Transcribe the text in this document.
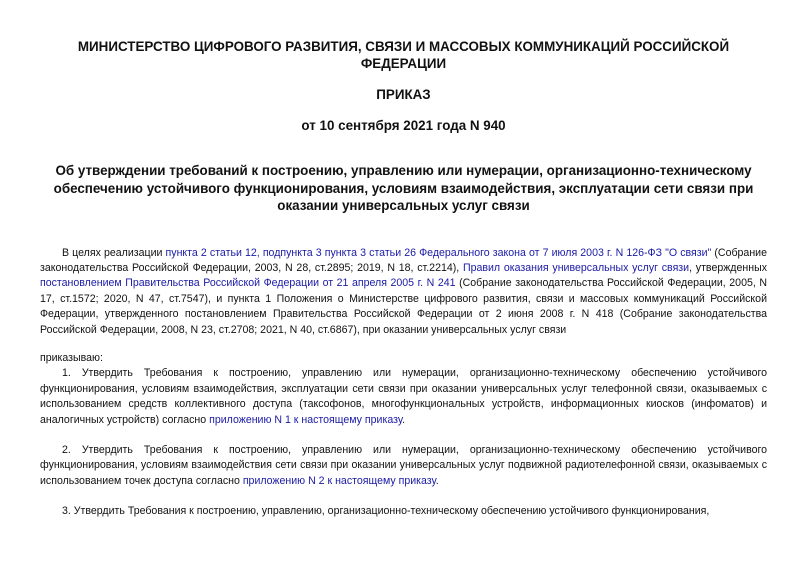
МИНИСТЕРСТВО ЦИФРОВОГО РАЗВИТИЯ, СВЯЗИ И МАССОВЫХ КОММУНИКАЦИЙ РОССИЙСКОЙ ФЕДЕРАЦИИ

ПРИКАЗ

от 10 сентября 2021 года N 940

Об утверждении требований к построению, управлению или нумерации, организационно-техническому обеспечению устойчивого функционирования, условиям взаимодействия, эксплуатации сети связи при оказании универсальных услуг связи

В целях реализации пункта 2 статьи 12, подпункта 3 пункта 3 статьи 26 Федерального закона от 7 июля 2003 г. N 126-ФЗ "О связи" (Собрание законодательства Российской Федерации, 2003, N 28, ст.2895; 2019, N 18, ст.2214), Правил оказания универсальных услуг связи, утвержденных постановлением Правительства Российской Федерации от 21 апреля 2005 г. N 241 (Собрание законодательства Российской Федерации, 2005, N 17, ст.1572; 2020, N 47, ст.7547), и пункта 1 Положения о Министерстве цифрового развития, связи и массовых коммуникаций Российской Федерации, утвержденного постановлением Правительства Российской Федерации от 2 июня 2008 г. N 418 (Собрание законодательства Российской Федерации, 2008, N 23, ст.2708; 2021, N 40, ст.6867), при оказании универсальных услуг связи

приказываю:

1. Утвердить Требования к построению, управлению или нумерации, организационно-техническому обеспечению устойчивого функционирования, условиям взаимодействия, эксплуатации сети связи при оказании универсальных услуг телефонной связи, оказываемых с использованием средств коллективного доступа (таксофонов, многофункциональных устройств, информационных киосков (инфоматов) и аналогичных устройств) согласно приложению N 1 к настоящему приказу.

2. Утвердить Требования к построению, управлению или нумерации, организационно-техническому обеспечению устойчивого функционирования, условиям взаимодействия сети связи при оказании универсальных услуг подвижной радиотелефонной связи, оказываемых с использованием точек доступа согласно приложению N 2 к настоящему приказу.

3. Утвердить Требования к построению, управлению, организационно-техническому обеспечению устойчивого функционирования,
